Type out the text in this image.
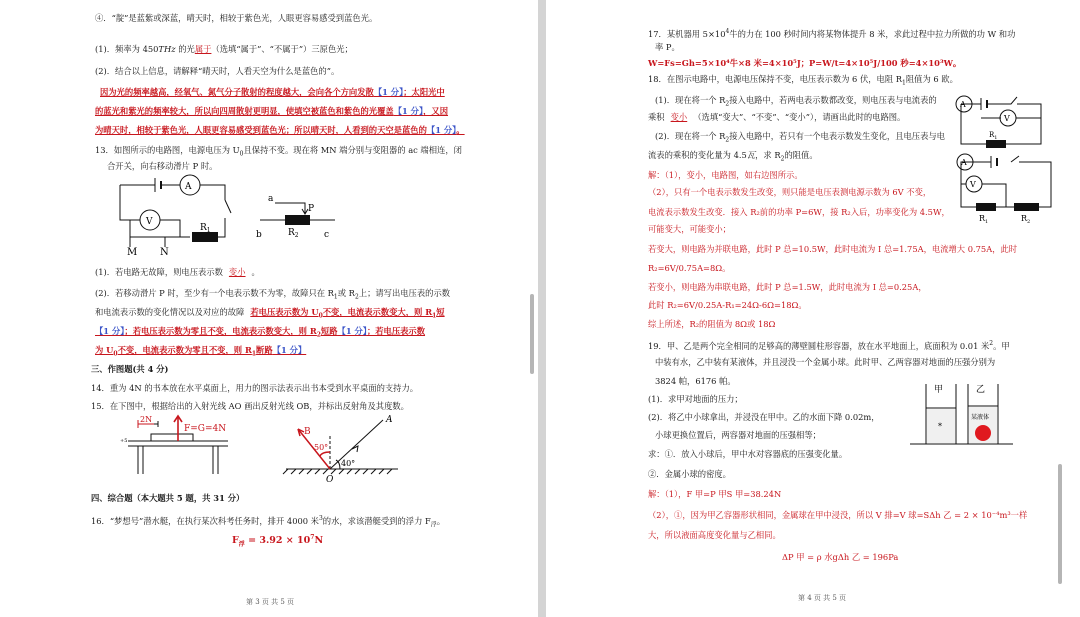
④．“靛”是蓝紫或深蓝，晴天时，相较于紫色光，人眼更容易感受到蓝色光。
(1)．频率为 450THz 的光属于（选填“属于”、“不属于”）三原色光；
(2)．结合以上信息，请解释“晴天时，人看天空为什么是蓝色的”。
因为光的频率越高，经氧气、氮气分子散射的程度越大，会向各个方向发散【1 分】；太阳光中
的蓝光和紫光的频率较大，所以向四周散射更明显，使填空被蓝色和紫色的光覆盖【1 分】，又因
为晴天时，相较于紫色光，人眼更容易感受到蓝色光；所以晴天时，人看到的天空是蓝色的【1 分】。
13．如图所示的电路图，电源电压为 $U_0$且保持不变。现在将 MN 端分别与变阻器的 ac 端相连，闭
合开关，向右移动滑片 P 时。
A
V
$R_1$
M N
a
P
b	$R_2$	c
(1)．若电路无故障，则电压表示数 变小 。
(2)．若移动滑片 P 时，至少有一个电表示数不为零，故障只在 $R_1$或 $R_2$上；请写出电压表的示数
和电流表示数的变化情况以及对应的故障 若电压表示数为 $U_0$不变，电流表示数变大，则 $R_1$短
【1 分】；若电压表示数为零且不变，电流表示数变大，则 $R_2$短路【1 分】；若电压表示数
为 $U_0$不变，电流表示数为零且不变，则 $R_1$断路【1 分】
三、作图题(共 4 分)
14．重为 4N 的书本放在水平桌面上，用力的图示法表示出书本受到水平桌面的支持力。
15．在下图中，根据给出的入射光线 AO 画出反射光线 OB，并标出反射角及其度数。
2N
F=G=4N
+5
B
A
O
50°
40°
四、综合题（本大题共 5 题，共 31 分）
16．“梦想号”潜水艇，在执行某次科考任务时，排开 4000 米$^3$的水，求该潜艇受到的浮力 $F_浮$。
$F_浮 = 3.92 \times 10^7N$
第 3 页 共 5 页
17．某机器用 $5\times 10^4$牛的力在 100 秒时间内将某物体提升 8 米，求此过程中拉力所做的功 W 和功
率 P。
W=Fs=Gh=5×10⁴牛×8 米=4×10⁵J；P=W/t=4×10⁵J/100 秒=4×10³W。
18．在图示电路中，电源电压保持不变，电压表示数为 6 伏，电阻 $R_1$阻值为 6 欧。
(1)．现在将一个 $R_2$接入电路中，若两电表示数都改变，则电压表与电流表的
乘积 变小 （选填“变大”、“不变”、“变小”），请画出此时的电路图。
(2)．现在将一个 $R_2$接入电路中，若只有一个电表示数发生变化，且电压表与电
流表的乘积的变化量为 4.5瓦，求 $R_2$的阻值。
A
V
$R_1$
A
V
$R_1$	$R_2$
解：（1），变小，电路图，如右边图所示。
（2），只有一个电表示数发生改变，则只能是电压表测电源示数为 6V 不变，
电流表示数发生改变．接入 R₂前的功率 P=6W，接 R₂入后，功率变化为 4.5W，
可能变大，可能变小；
若变大，则电路为并联电路，此时 P 总=10.5W，此时电流为 I 总=1.75A，电流增大 0.75A，此时
R₂=6V/0.75A=8Ω。
若变小，则电路为串联电路，此时 P 总=1.5W，此时电流为 I 总=0.25A，
此时 R₂=6V/0.25A-R₁=24Ω-6Ω=18Ω。
综上所述，R₂的阻值为 8Ω或 18Ω
19．甲、乙是两个完全相同的足够高的薄壁圆柱形容器，放在水平地面上，底面积为 0.01 米$^2$。甲
中装有水，乙中装有某液体，并且浸没一个金属小球。此时甲、乙两容器对地面的压强分别为
3824 帕，6176 帕。
(1)．求甲对地面的压力；
(2)．将乙中小球拿出，并浸没在甲中。乙的水面下降 0.02m，
小球更换位置后，两容器对地面的压强相等；
求：①．放入小球后，甲中水对容器底的压强变化量。
②．金属小球的密度。
甲	乙
*
某液体
解：（1），F 甲=P 甲S 甲=38.24N
（2），①，因为甲乙容器形状相同，金属球在甲中浸没，所以 V 排=V 球=SΔh 乙 = 2 × 10⁻⁴m³一样
大，所以液面高度变化量与乙相同。
ΔP 甲 = ρ 水gΔh 乙 = 196Pa
第 4 页 共 5 页
